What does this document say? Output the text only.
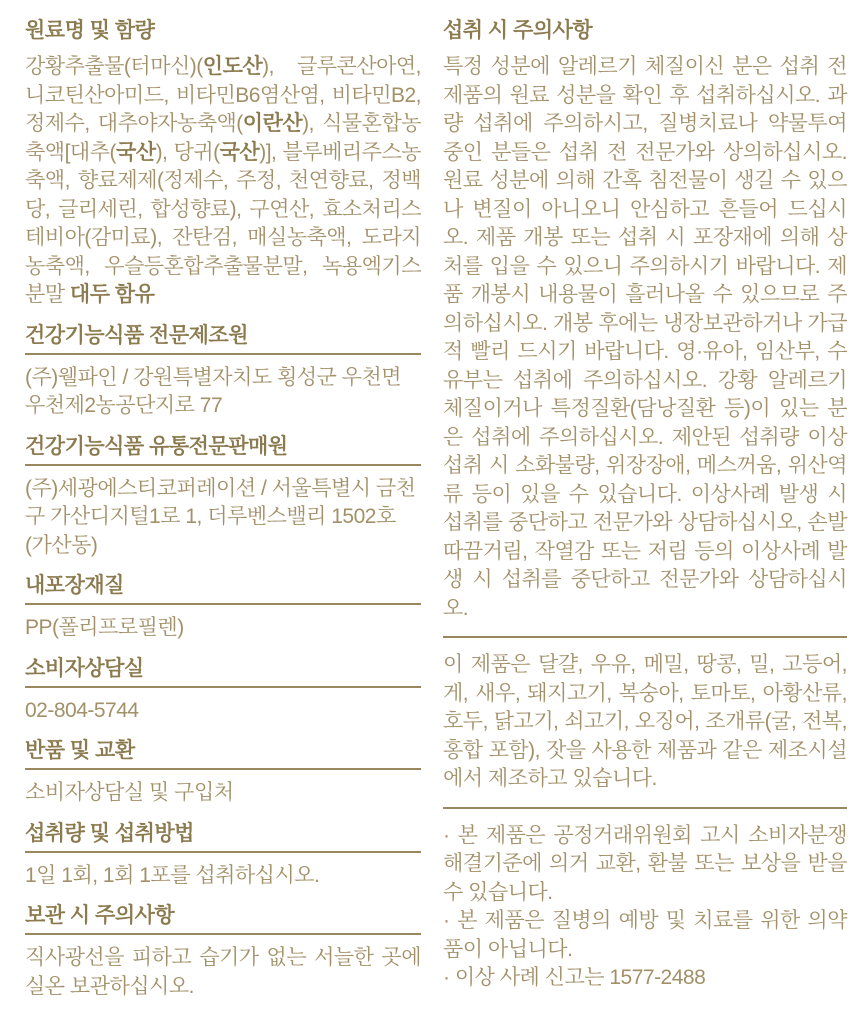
원료명 및 함량

강황추출물(터마신)(인도산), 글루콘산아연, 니코틴산아미드, 비타민B6염산염, 비타민B2, 정제수, 대추야자농축액(이란산), 식물혼합농축액[대추(국산), 당귀(국산)], 블루베리주스농축액, 향료제제(정제수, 주정, 천연향료, 정백당, 글리세린, 합성향료), 구연산, 효소처리스테비아(감미료), 잔탄검, 매실농축액, 도라지농축액, 우슬등혼합추출물분말, 녹용엑기스분말 대두 함유

건강기능식품 전문제조원

(주)웰파인 / 강원특별자치도 횡성군 우천면 우천제2농공단지로 77

건강기능식품 유통전문판매원

(주)세광에스티코퍼레이션 / 서울특별시 금천구 가산디지털1로 1, 더루벤스밸리 1502호(가산동)

내포장재질

PP(폴리프로필렌)

소비자상담실

02-804-5744

반품 및 교환

소비자상담실 및 구입처

섭취량 및 섭취방법

1일 1회, 1회 1포를 섭취하십시오.

보관 시 주의사항

직사광선을 피하고 습기가 없는 서늘한 곳에 실온 보관하십시오.

섭취 시 주의사항

특정 성분에 알레르기 체질이신 분은 섭취 전 제품의 원료 성분을 확인 후 섭취하십시오. 과량 섭취에 주의하시고, 질병치료나 약물투여 중인 분들은 섭취 전 전문가와 상의하십시오. 원료 성분에 의해 간혹 침전물이 생길 수 있으나 변질이 아니오니 안심하고 흔들어 드십시오. 제품 개봉 또는 섭취 시 포장재에 의해 상처를 입을 수 있으니 주의하시기 바랍니다. 제품 개봉시 내용물이 흘러나올 수 있으므로 주의하십시오. 개봉 후에는 냉장보관하거나 가급적 빨리 드시기 바랍니다. 영·유아, 임산부, 수유부는 섭취에 주의하십시오. 강황 알레르기 체질이거나 특정질환(담낭질환 등)이 있는 분은 섭취에 주의하십시오. 제안된 섭취량 이상 섭취 시 소화불량, 위장장애, 메스꺼움, 위산역류 등이 있을 수 있습니다. 이상사례 발생 시 섭취를 중단하고 전문가와 상담하십시오, 손발 따끔거림, 작열감 또는 저림 등의 이상사례 발생 시 섭취를 중단하고 전문가와 상담하십시오.

이 제품은 달걀, 우유, 메밀, 땅콩, 밀, 고등어, 게, 새우, 돼지고기, 복숭아, 토마토, 아황산류, 호두, 닭고기, 쇠고기, 오징어, 조개류(굴, 전복, 홍합 포함), 잣을 사용한 제품과 같은 제조시설에서 제조하고 있습니다.

· 본 제품은 공정거래위원회 고시 소비자분쟁해결기준에 의거 교환, 환불 또는 보상을 받을 수 있습니다.

· 본 제품은 질병의 예방 및 치료를 위한 의약품이 아닙니다.

· 이상 사례 신고는 1577-2488
